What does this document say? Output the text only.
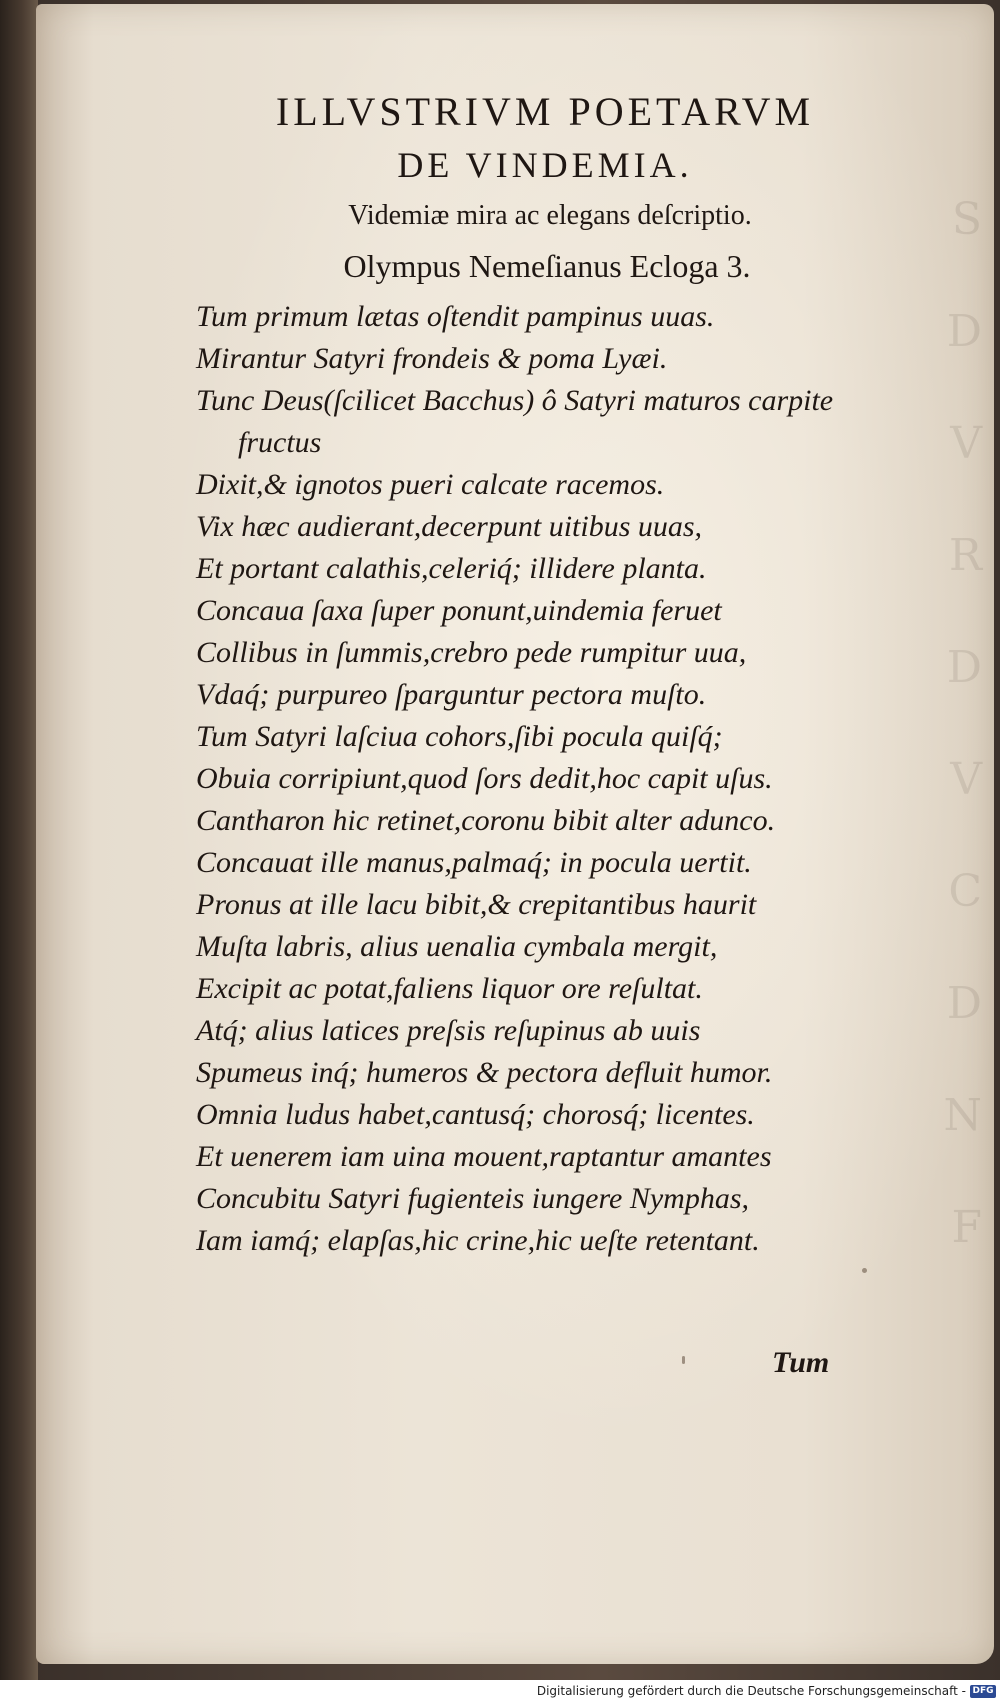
S
D
V
R
D
V
C
D
N
F
ILLVSTRIVM POETARVM
DE VINDEMIA.
Videmiæ mira ac elegans deſcriptio.
Olympus Nemeſianus Ecloga 3.
Tum primum lætas oſtendit pampinus uuas.
Mirantur Satyri frondeis & poma Lyæi.
Tunc Deus(ſcilicet Bacchus) ô Satyri maturos carpite
fructus
Dixit,& ignotos pueri calcate racemos.
Vix hæc audierant,decerpunt uitibus uuas,
Et portant calathis,celeriq́; illidere planta.
Concaua ſaxa ſuper ponunt,uindemia feruet
Collibus in ſummis,crebro pede rumpitur uua,
Vdaq́; purpureo ſparguntur pectora muſto.
Tum Satyri laſciua cohors,ſibi pocula quiſq́;
Obuia corripiunt,quod ſors dedit,hoc capit uſus.
Cantharon hic retinet,coronu bibit alter adunco.
Concauat ille manus,palmaq́; in pocula uertit.
Pronus at ille lacu bibit,& crepitantibus haurit
Muſta labris, alius uenalia cymbala mergit,
Excipit ac potat,faliens liquor ore reſultat.
Atq́; alius latices preſsis reſupinus ab uuis
Spumeus inq́; humeros & pectora defluit humor.
Omnia ludus habet,cantusq́; chorosq́; licentes.
Et uenerem iam uina mouent,raptantur amantes
Concubitu Satyri fugienteis iungere Nymphas,
Iam iamq́; elapſas,hic crine,hic ueſte retentant.
Tum
Digitalisierung gefördert durch die Deutsche Forschungsgemeinschaft - DFG
